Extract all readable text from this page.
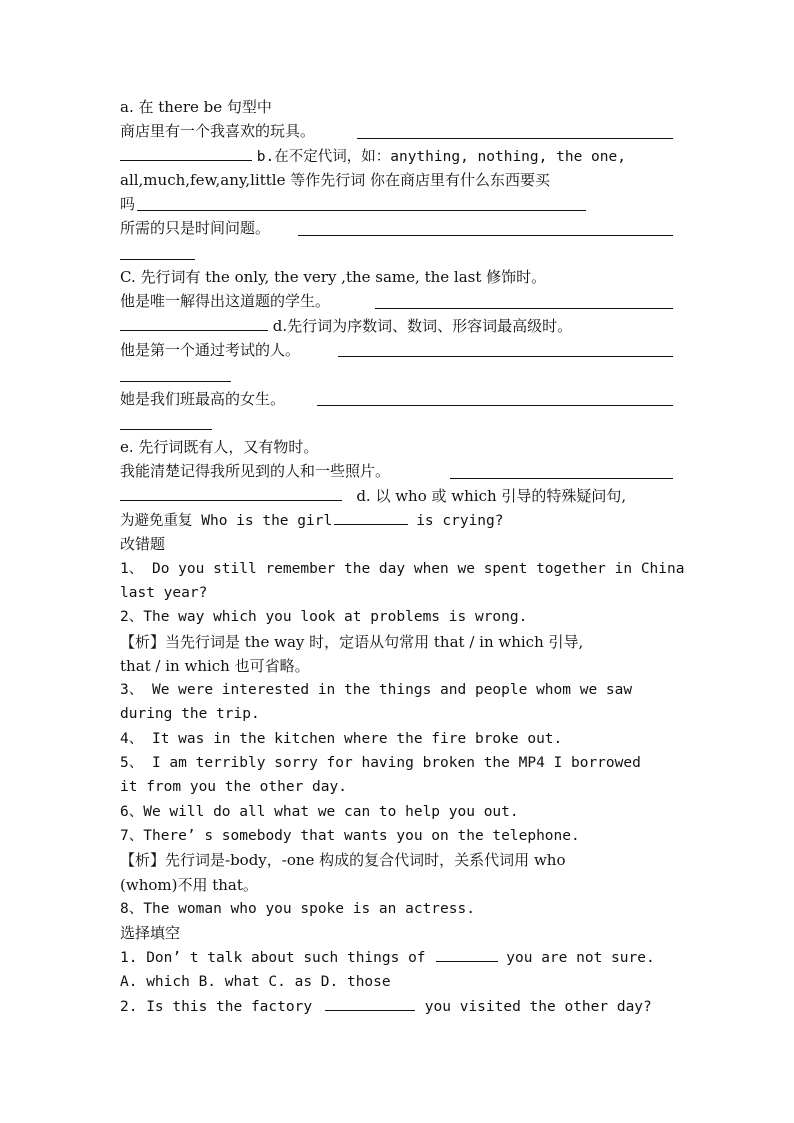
a. 在 there be 句型中
商店里有一个我喜欢的玩具。
b.在不定代词，如：anything, nothing, the one,
all,much,few,any,little 等作先行词 你在商店里有什么东西要买
吗
所需的只是时间问题。
C. 先行词有 the only, the very ,the same, the last 修饰时。
他是唯一解得出这道题的学生。
d.先行词为序数词、数词、形容词最高级时。
他是第一个通过考试的人。
她是我们班最高的女生。
e. 先行词既有人，又有物时。
我能清楚记得我所见到的人和一些照片。
d. 以 who 或 which 引导的特殊疑问句,
为避免重复 Who is the girl	is crying?
改错题
1、 Do you still remember the day when we spent together in China
last year?
2、The way which you look at problems is wrong.
【析】当先行词是 the way 时，定语从句常用 that / in which 引导,
that / in which 也可省略。
3、 We were interested in the things and people whom we saw
during the trip.
4、 It was in the kitchen where the fire broke out.
5、 I am terribly sorry for having broken the MP4 I borrowed
it from you the other day.
6、We will do all what we can to help you out.
7、There’ s somebody that wants you on the telephone.
【析】先行词是-body，-one 构成的复合代词时，关系代词用 who
(whom)不用 that。
8、The woman who you spoke is an actress.
选择填空
1. Don’ t talk about such things of	you are not sure.
A. which B. what C. as D. those
2. Is this the factory	you visited the other day?
